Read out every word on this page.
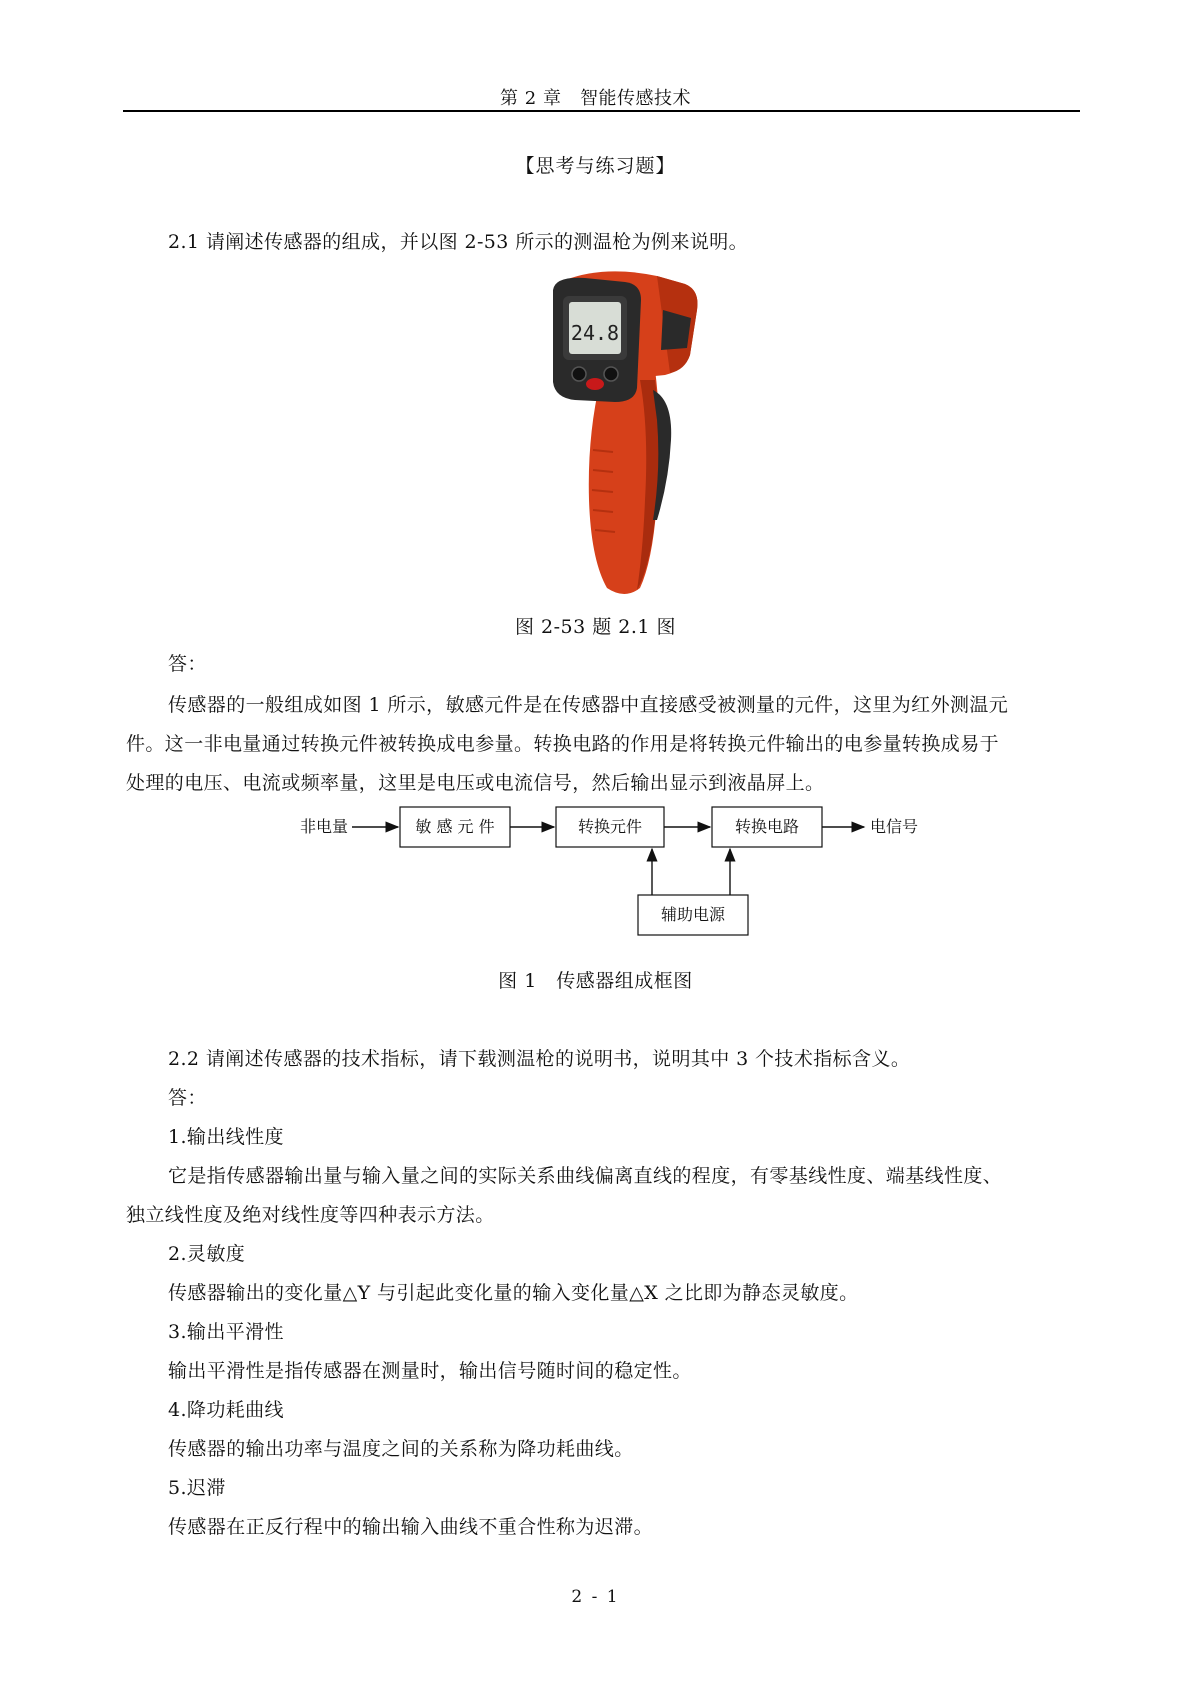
第 2 章　智能传感技术
【思考与练习题】
2.1 请阐述传感器的组成，并以图 2-53 所示的测温枪为例来说明。
24.8
图 2-53 题 2.1 图
答：
传感器的一般组成如图 1 所示，敏感元件是在传感器中直接感受被测量的元件，这里为红外测温元
件。这一非电量通过转换元件被转换成电参量。转换电路的作用是将转换元件输出的电参量转换成易于
处理的电压、电流或频率量，这里是电压或电流信号，然后输出显示到液晶屏上。
非电量	敏 感 元 件	转换元件	转换电路	电信号
辅助电源
图 1　传感器组成框图
2.2 请阐述传感器的技术指标，请下载测温枪的说明书，说明其中 3 个技术指标含义。
答：
1.输出线性度
它是指传感器输出量与输入量之间的实际关系曲线偏离直线的程度，有零基线性度、端基线性度、
独立线性度及绝对线性度等四种表示方法。
2.灵敏度
传感器输出的变化量△Y 与引起此变化量的输入变化量△X 之比即为静态灵敏度。
3.输出平滑性
输出平滑性是指传感器在测量时，输出信号随时间的稳定性。
4.降功耗曲线
传感器的输出功率与温度之间的关系称为降功耗曲线。
5.迟滞
传感器在正反行程中的输出输入曲线不重合性称为迟滞。
2 - 1
